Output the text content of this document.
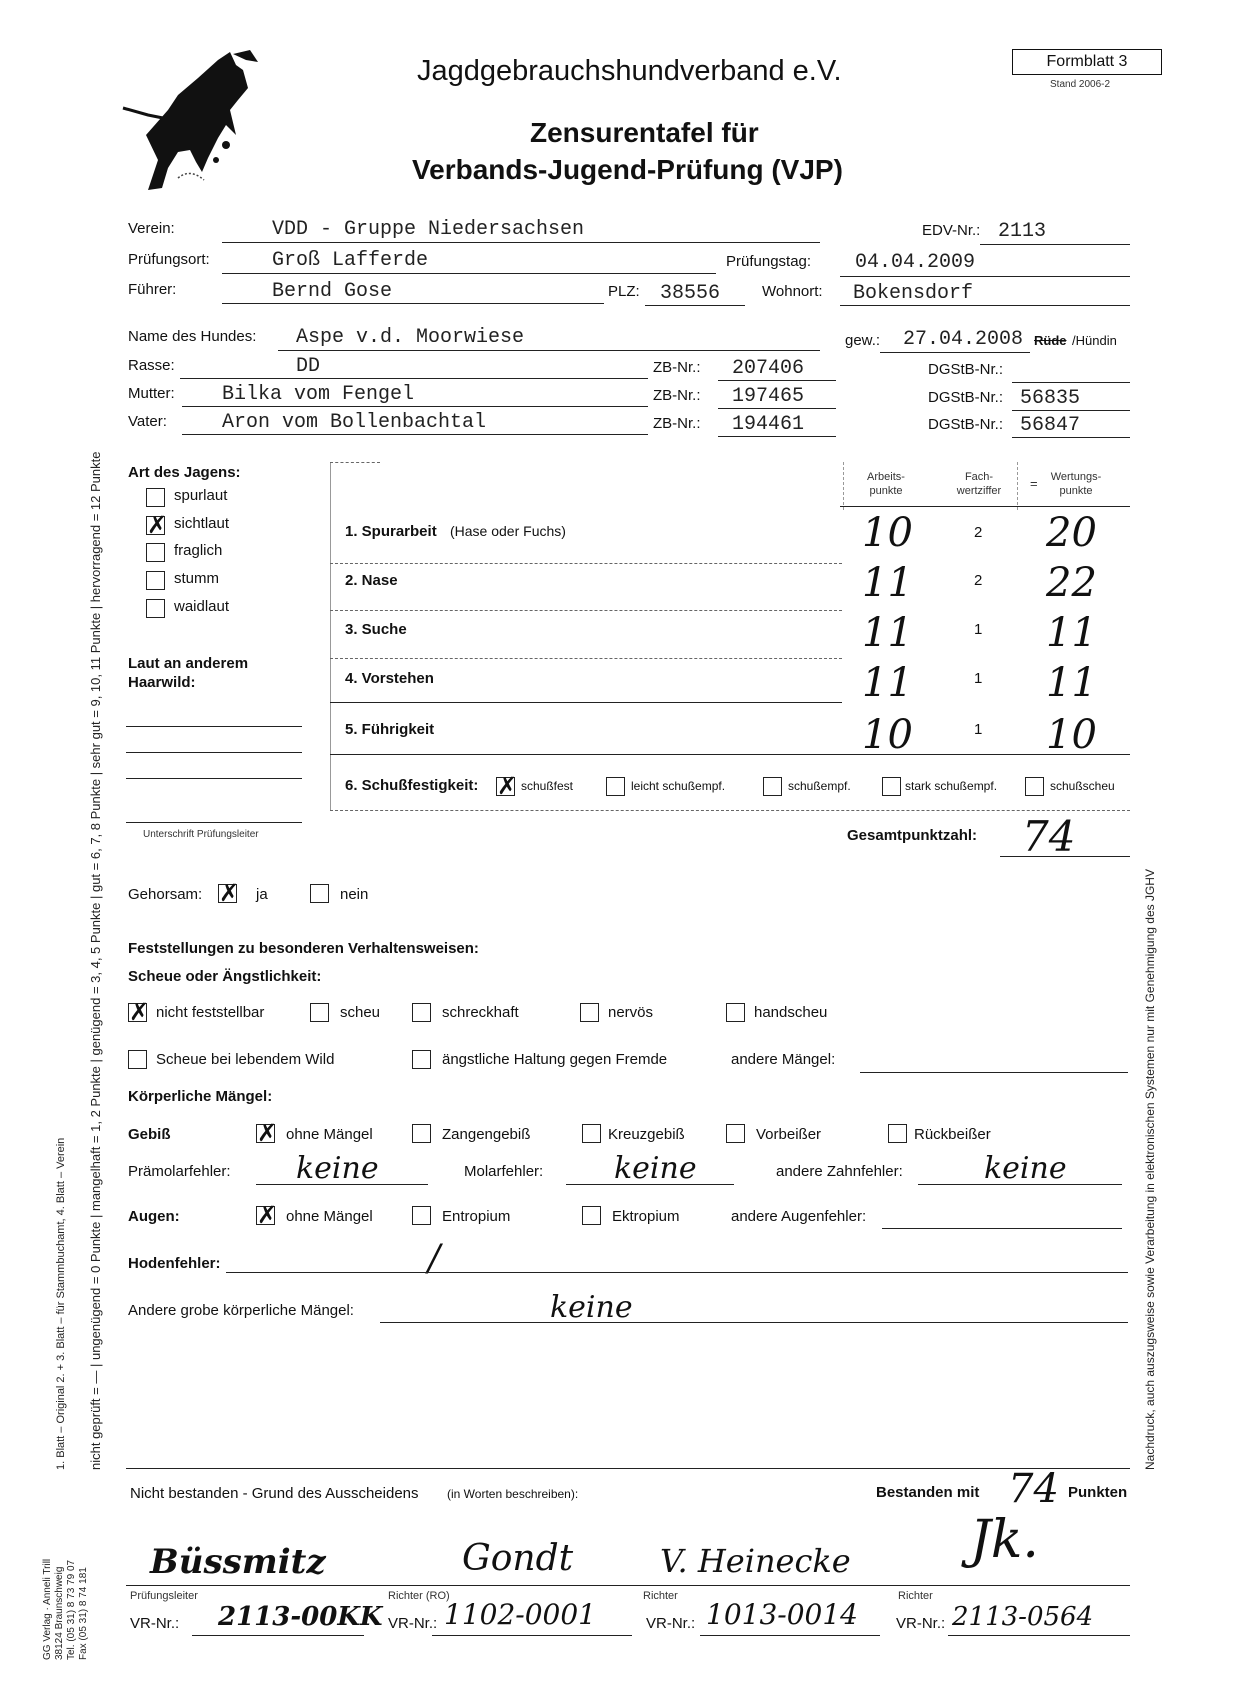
Jagdgebrauchshundverband e.V.
Zensurentafel für
Verbands-Jugend-Prüfung (VJP)
Formblatt 3
Stand 2006-2
nicht geprüft = — | ungenügend = 0 Punkte | mangelhaft = 1, 2 Punkte | genügend = 3, 4, 5 Punkte | gut = 6, 7, 8 Punkte | sehr gut = 9, 10, 11 Punkte | hervorragend = 12 Punkte
1. Blatt – Original 2. + 3. Blatt – für Stammbuchamt, 4. Blatt – Verein	Nachdruck, auch auszugsweise sowie Verarbeitung in elektronischen Systemen nur mit Genehmigung des JGHV
GG Verlag · Anneli Trill 38124 Braunschweig Tel. (05 31) 8 73 79 07 Fax (05 31) 8 74 181
Verein:	VDD - Gruppe Niedersachsen	EDV-Nr.: 2113
Prüfungsort:	Groß Lafferde	Prüfungstag: 04.04.2009
Führer:	Bernd Gose	PLZ: 38556	Wohnort: Bokensdorf
Name des Hundes: Aspe v.d. Moorwiese	gew.: 27.04.2008 Rüde /Hündin
Rasse:	DD	ZB-Nr.: 207406	DGStB-Nr.:
Mutter: Bilka vom Fengel	ZB-Nr.: 197465	DGStB-Nr.: 56835
Vater:	Aron vom Bollenbachtal	ZB-Nr.: 194461	DGStB-Nr.: 56847
Art des Jagens:
spurlaut
✗ sichtlaut
fraglich
stumm
waidlaut
Laut an anderem Haarwild:
Unterschrift Prüfungsleiter
Arbeits- punkte
Fach- wertziffer	=	Wertungs- punkte
1. Spurarbeit (Hase oder Fuchs)	10	2 20
2. Nase	11	2 22
3. Suche	11	1 11
4. Vorstehen	11	1 11
5. Führigkeit	10	1 10
6. Schußfestigkeit: ✗ schußfest	leicht schußempf.	schußempf.	stark schußempf.	schußscheu
Gesamtpunktzahl: 74
Gehorsam: ✗ ja	nein
Feststellungen zu besonderen Verhaltensweisen:
Scheue oder Ängstlichkeit:
✗ nicht feststellbar	scheu	schreckhaft	nervös	handscheu
Scheue bei lebendem Wild	ängstliche Haltung gegen Fremde	andere Mängel:
Körperliche Mängel:
Gebiß	✗ ohne Mängel	Zangengebiß	Kreuzgebiß	Vorbeißer	Rückbeißer
Prämolarfehler: keine	Molarfehler: keine	andere Zahnfehler:	keine
Augen:	✗ ohne Mängel	Entropium	Ektropium	andere Augenfehler:
Hodenfehler:	/
Andere grobe körperliche Mängel:	keine
Nicht bestanden - Grund des Ausscheidens (in Worten beschreiben):	Bestanden mit 74 Punkten
Büssmitz
Prüfungsleiter
VR-Nr.: 2113-00KK
Gondt
Richter (RO)
VR-Nr.: 1102-0001
V. Heinecke
Richter
VR-Nr.: 1013-0014
Jk.
Richter
VR-Nr.: 2113-0564
